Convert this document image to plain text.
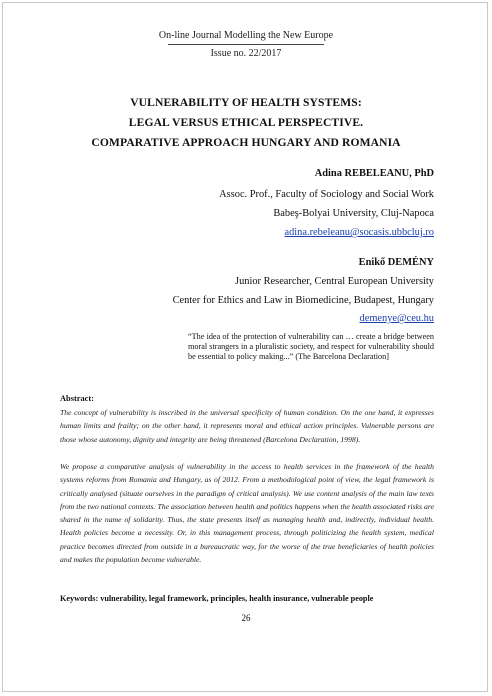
On-line Journal Modelling the New Europe
Issue no. 22/2017
VULNERABILITY OF HEALTH SYSTEMS:
LEGAL VERSUS ETHICAL PERSPECTIVE.
COMPARATIVE APPROACH HUNGARY AND ROMANIA
Adina REBELEANU, PhD
Assoc. Prof., Faculty of Sociology and Social Work
Babeş-Bolyai University, Cluj-Napoca
adina.rebeleanu@socasis.ubbcluj.ro
Enikő DEMÉNY
Junior Researcher, Central European University
Center for Ethics and Law in Biomedicine, Budapest, Hungary
demenye@ceu.hu
“The idea of the protection of vulnerability can … create a bridge between moral strangers in a pluralistic society, and respect for vulnerability should be essential to policy making...” (The Barcelona Declaration]
Abstract:
The concept of vulnerability is inscribed in the universal specificity of human condition. On the one hand, it expresses human limits and frailty; on the other hand, it represents moral and ethical action principles. Vulnerable persons are those whose autonomy, dignity and integrity are being threatened (Barcelona Declaration, 1998).
We propose a comparative analysis of vulnerability in the access to health services in the framework of the health systems reforms from Romania and Hungary, as of 2012. From a methodological point of view, the legal framework is critically analysed (situate ourselves in the paradigm of critical analysis). We use content analysis of the main law texts from the two national contexts. The association between health and politics happens when the health associated risks are shared in the name of solidarity. Thus, the state presents itself as managing health and, indirectly, individual health. Health policies become a necessity. Or, in this management process, through politicizing the health system, medical practice becomes directed from outside in a bureaucratic way, for the worse of the true beneficiaries of health policies and makes the population become vulnerable.
Keywords: vulnerability, legal framework, principles, health insurance, vulnerable people
26
